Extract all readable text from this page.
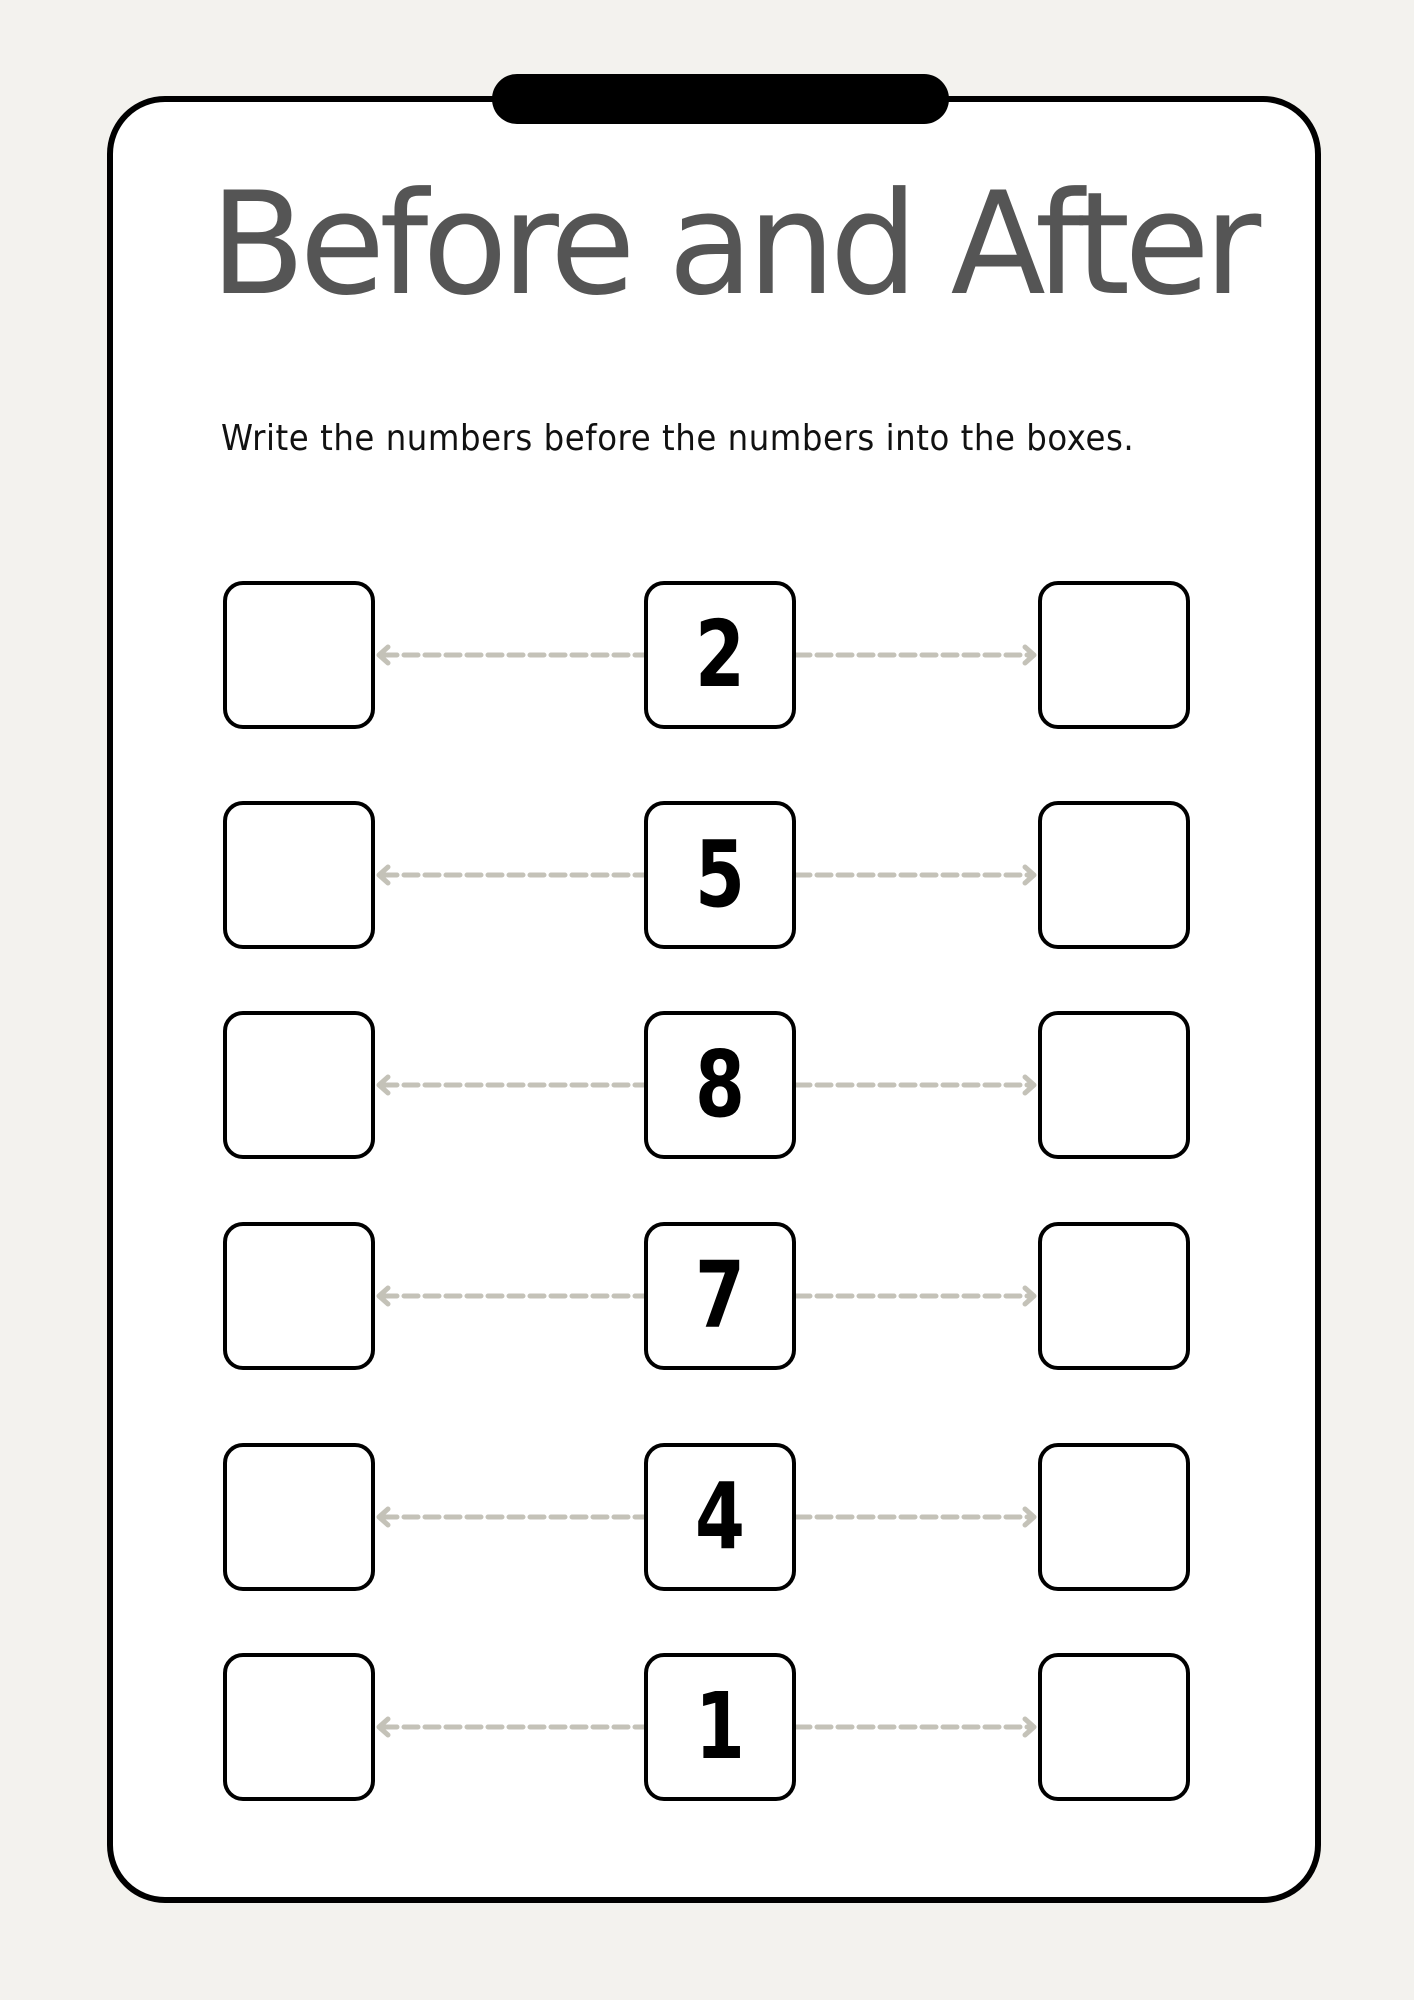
Before and After
Write the numbers before the numbers into the boxes.
2
5
8
7
4
1
